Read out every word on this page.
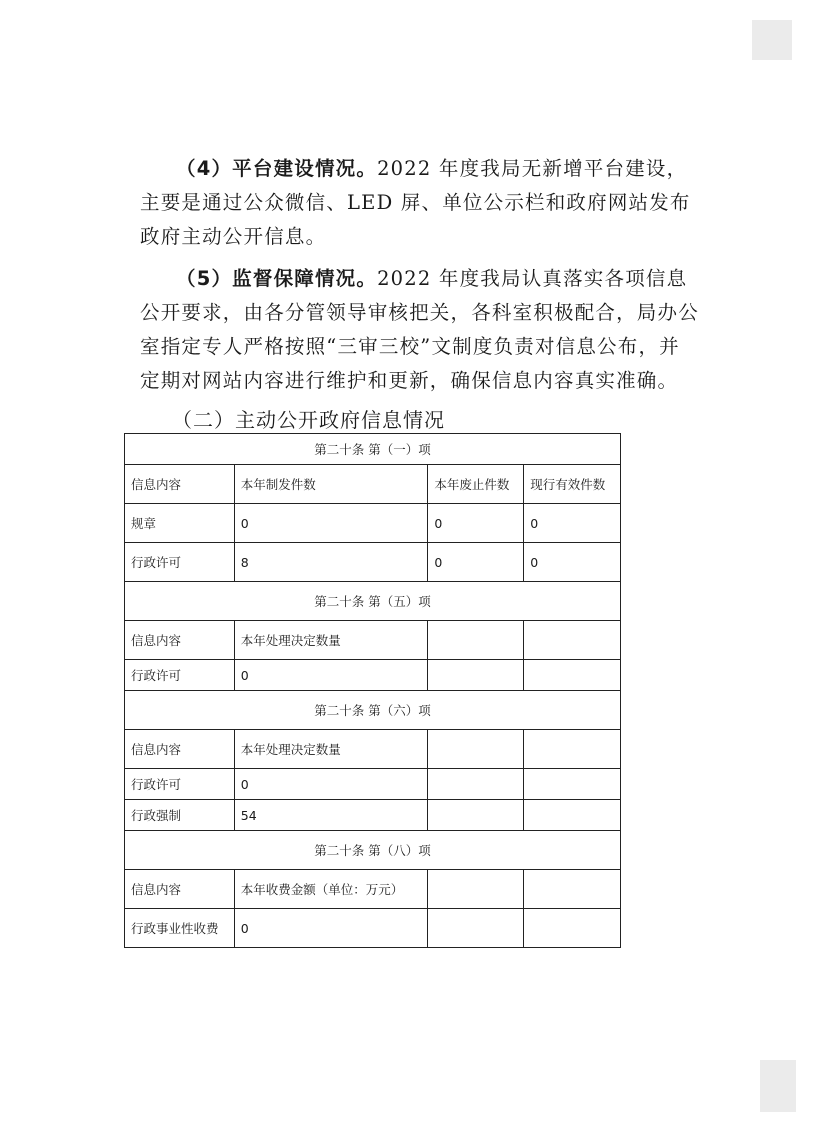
（4）平台建设情况。2022 年度我局无新增平台建设，主要是通过公众微信、LED 屏、单位公示栏和政府网站发布政府主动公开信息。

（5）监督保障情况。2022 年度我局认真落实各项信息公开要求，由各分管领导审核把关，各科室积极配合，局办公室指定专人严格按照“三审三校”文制度负责对信息公布，并定期对网站内容进行维护和更新，确保信息内容真实准确。

（二）主动公开政府信息情况
第二十条 第（一）项			
信息内容	本年制发件数	本年废止件数	现行有效件数
规章	0	0	0
行政许可	8	0	0
第二十条 第（五）项			
信息内容	本年处理决定数量		
行政许可	0		
第二十条 第（六）项			
信息内容	本年处理决定数量		
行政许可	0		
行政强制	54		
第二十条 第（八）项			
信息内容	本年收费金额（单位：万元）		
行政事业性收费	0		
